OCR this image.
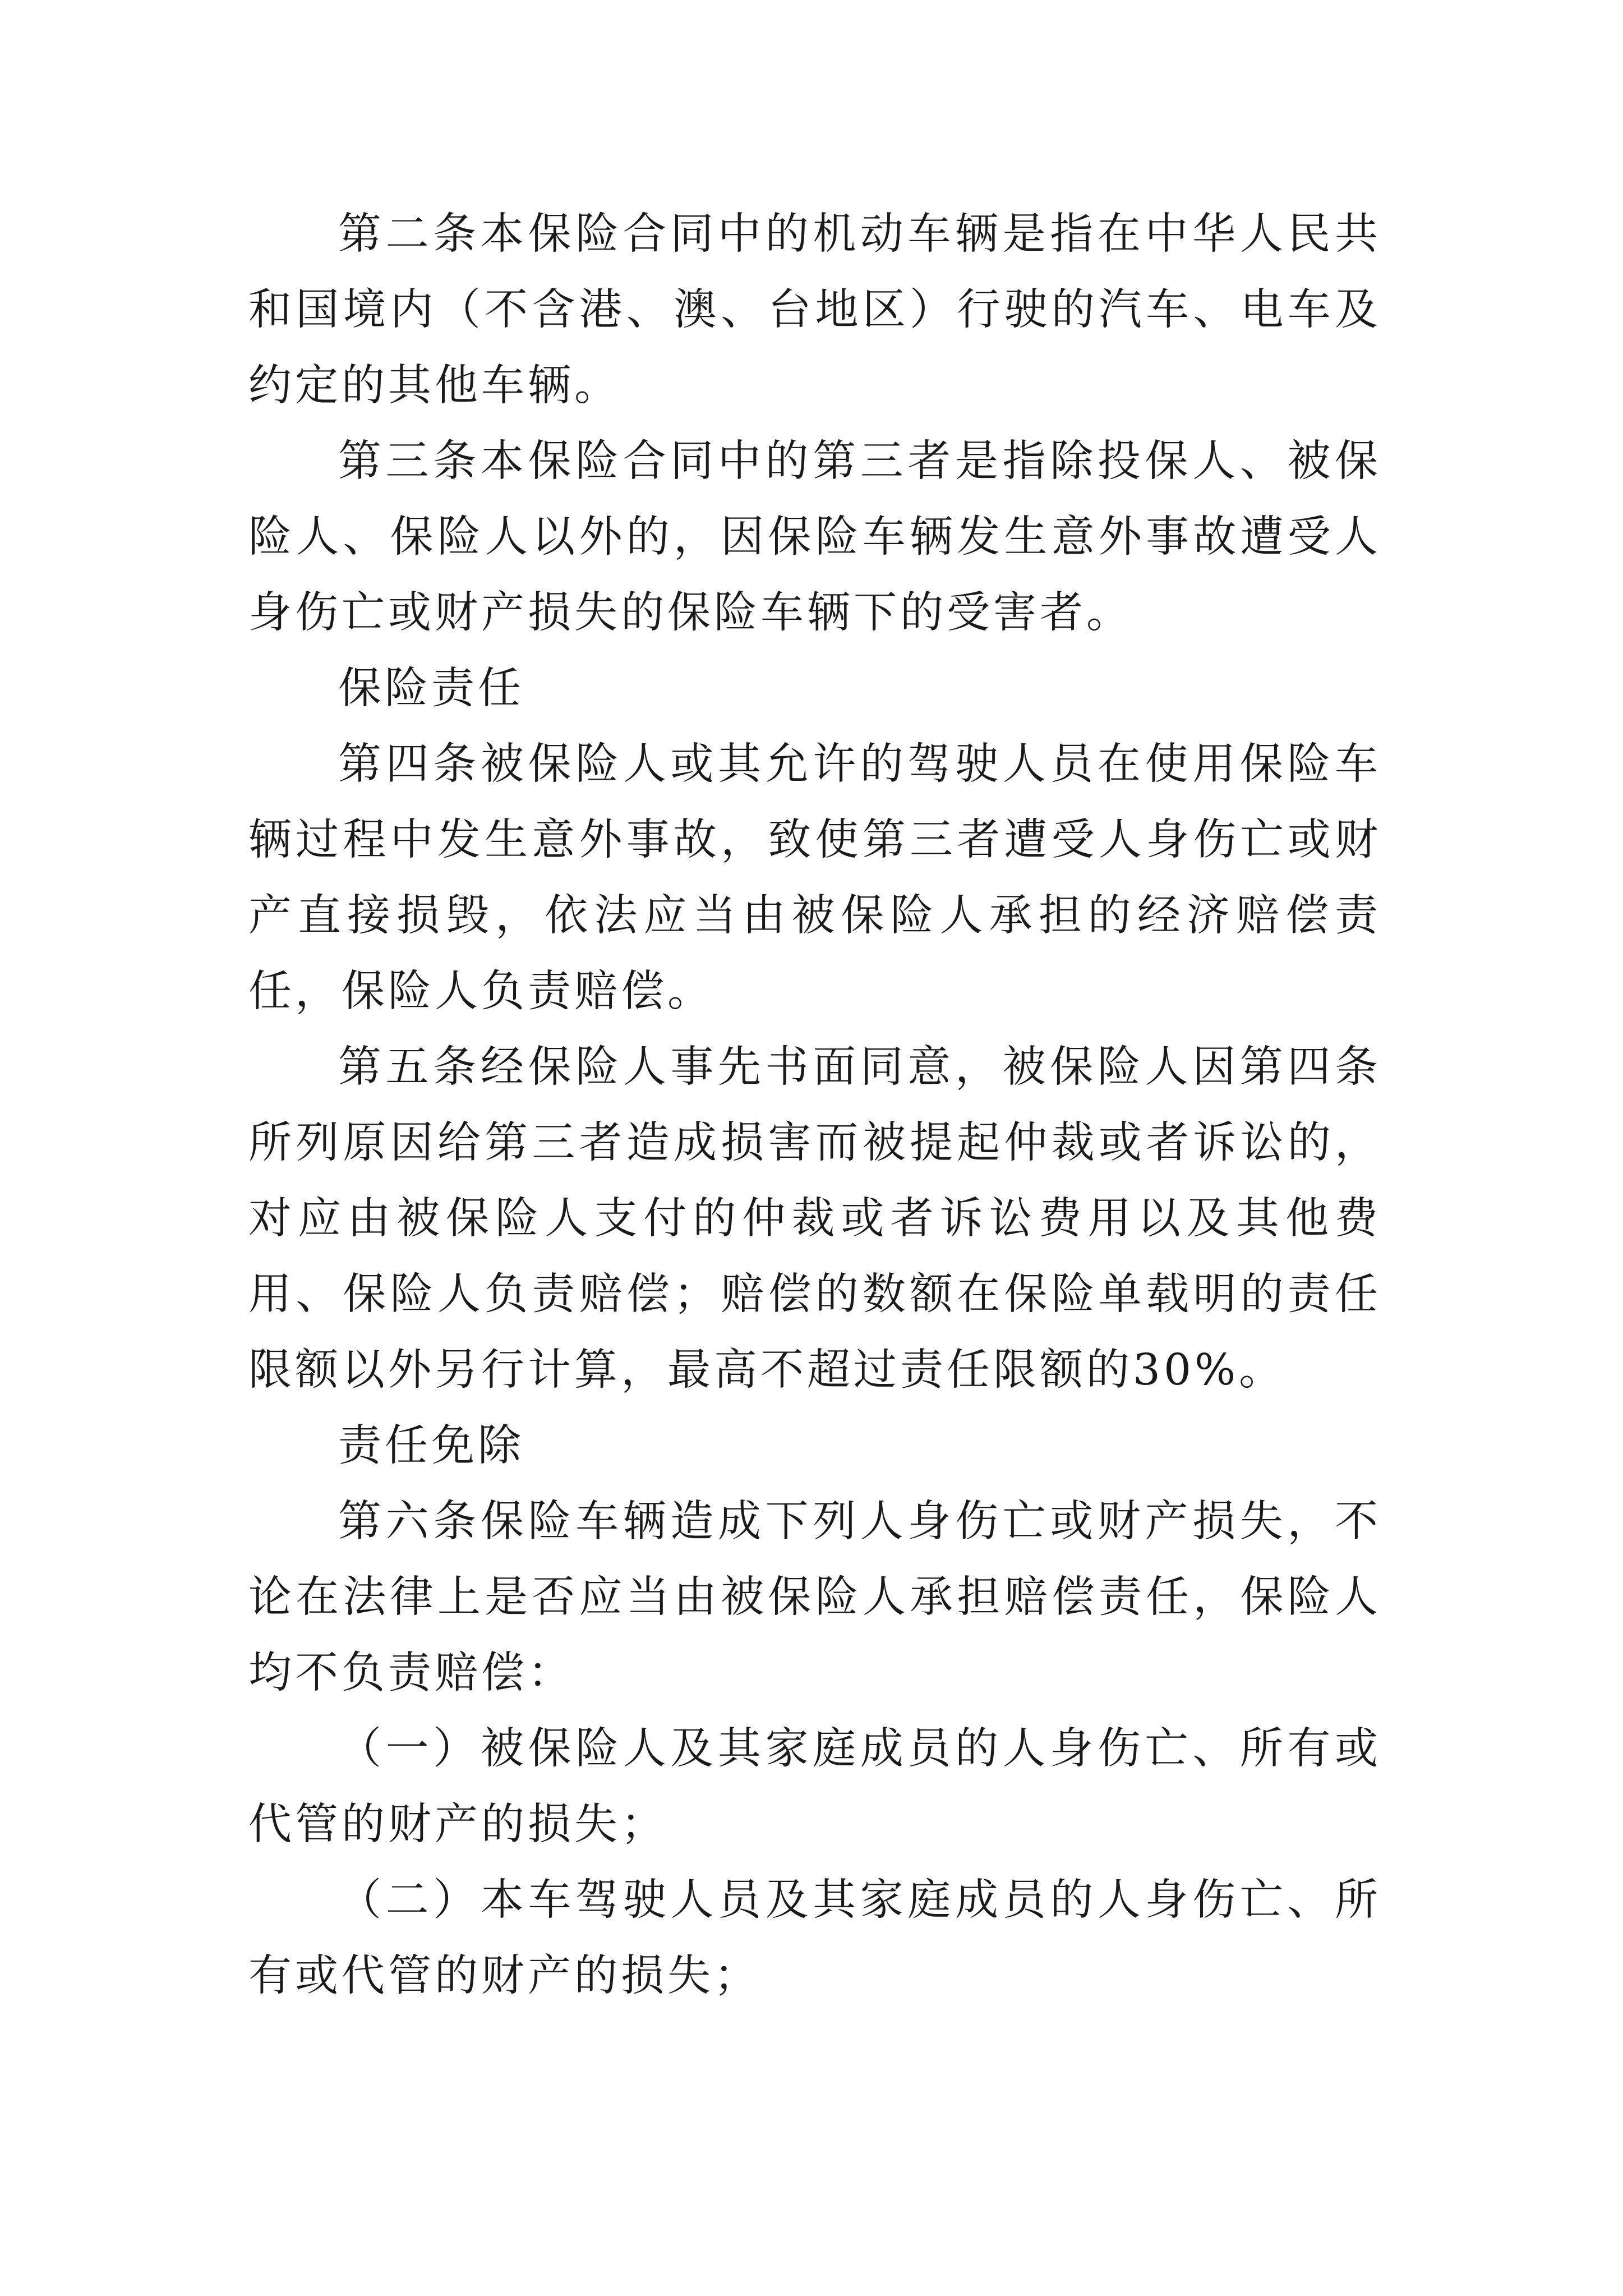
第二条本保险合同中的机动车辆是指在中华人民共和国境内（不含港、澳、台地区）行驶的汽车、电车及约定的其他车辆。

第三条本保险合同中的第三者是指除投保人、被保险人、保险人以外的，因保险车辆发生意外事故遭受人身伤亡或财产损失的保险车辆下的受害者。

保险责任

第四条被保险人或其允许的驾驶人员在使用保险车辆过程中发生意外事故，致使第三者遭受人身伤亡或财产直接损毁，依法应当由被保险人承担的经济赔偿责任，保险人负责赔偿。

第五条经保险人事先书面同意，被保险人因第四条所列原因给第三者造成损害而被提起仲裁或者诉讼的，对应由被保险人支付的仲裁或者诉讼费用以及其他费用、保险人负责赔偿；赔偿的数额在保险单载明的责任限额以外另行计算，最高不超过责任限额的30%。

责任免除

第六条保险车辆造成下列人身伤亡或财产损失，不论在法律上是否应当由被保险人承担赔偿责任，保险人均不负责赔偿：

（一）被保险人及其家庭成员的人身伤亡、所有或代管的财产的损失；

（二）本车驾驶人员及其家庭成员的人身伤亡、所有或代管的财产的损失；
